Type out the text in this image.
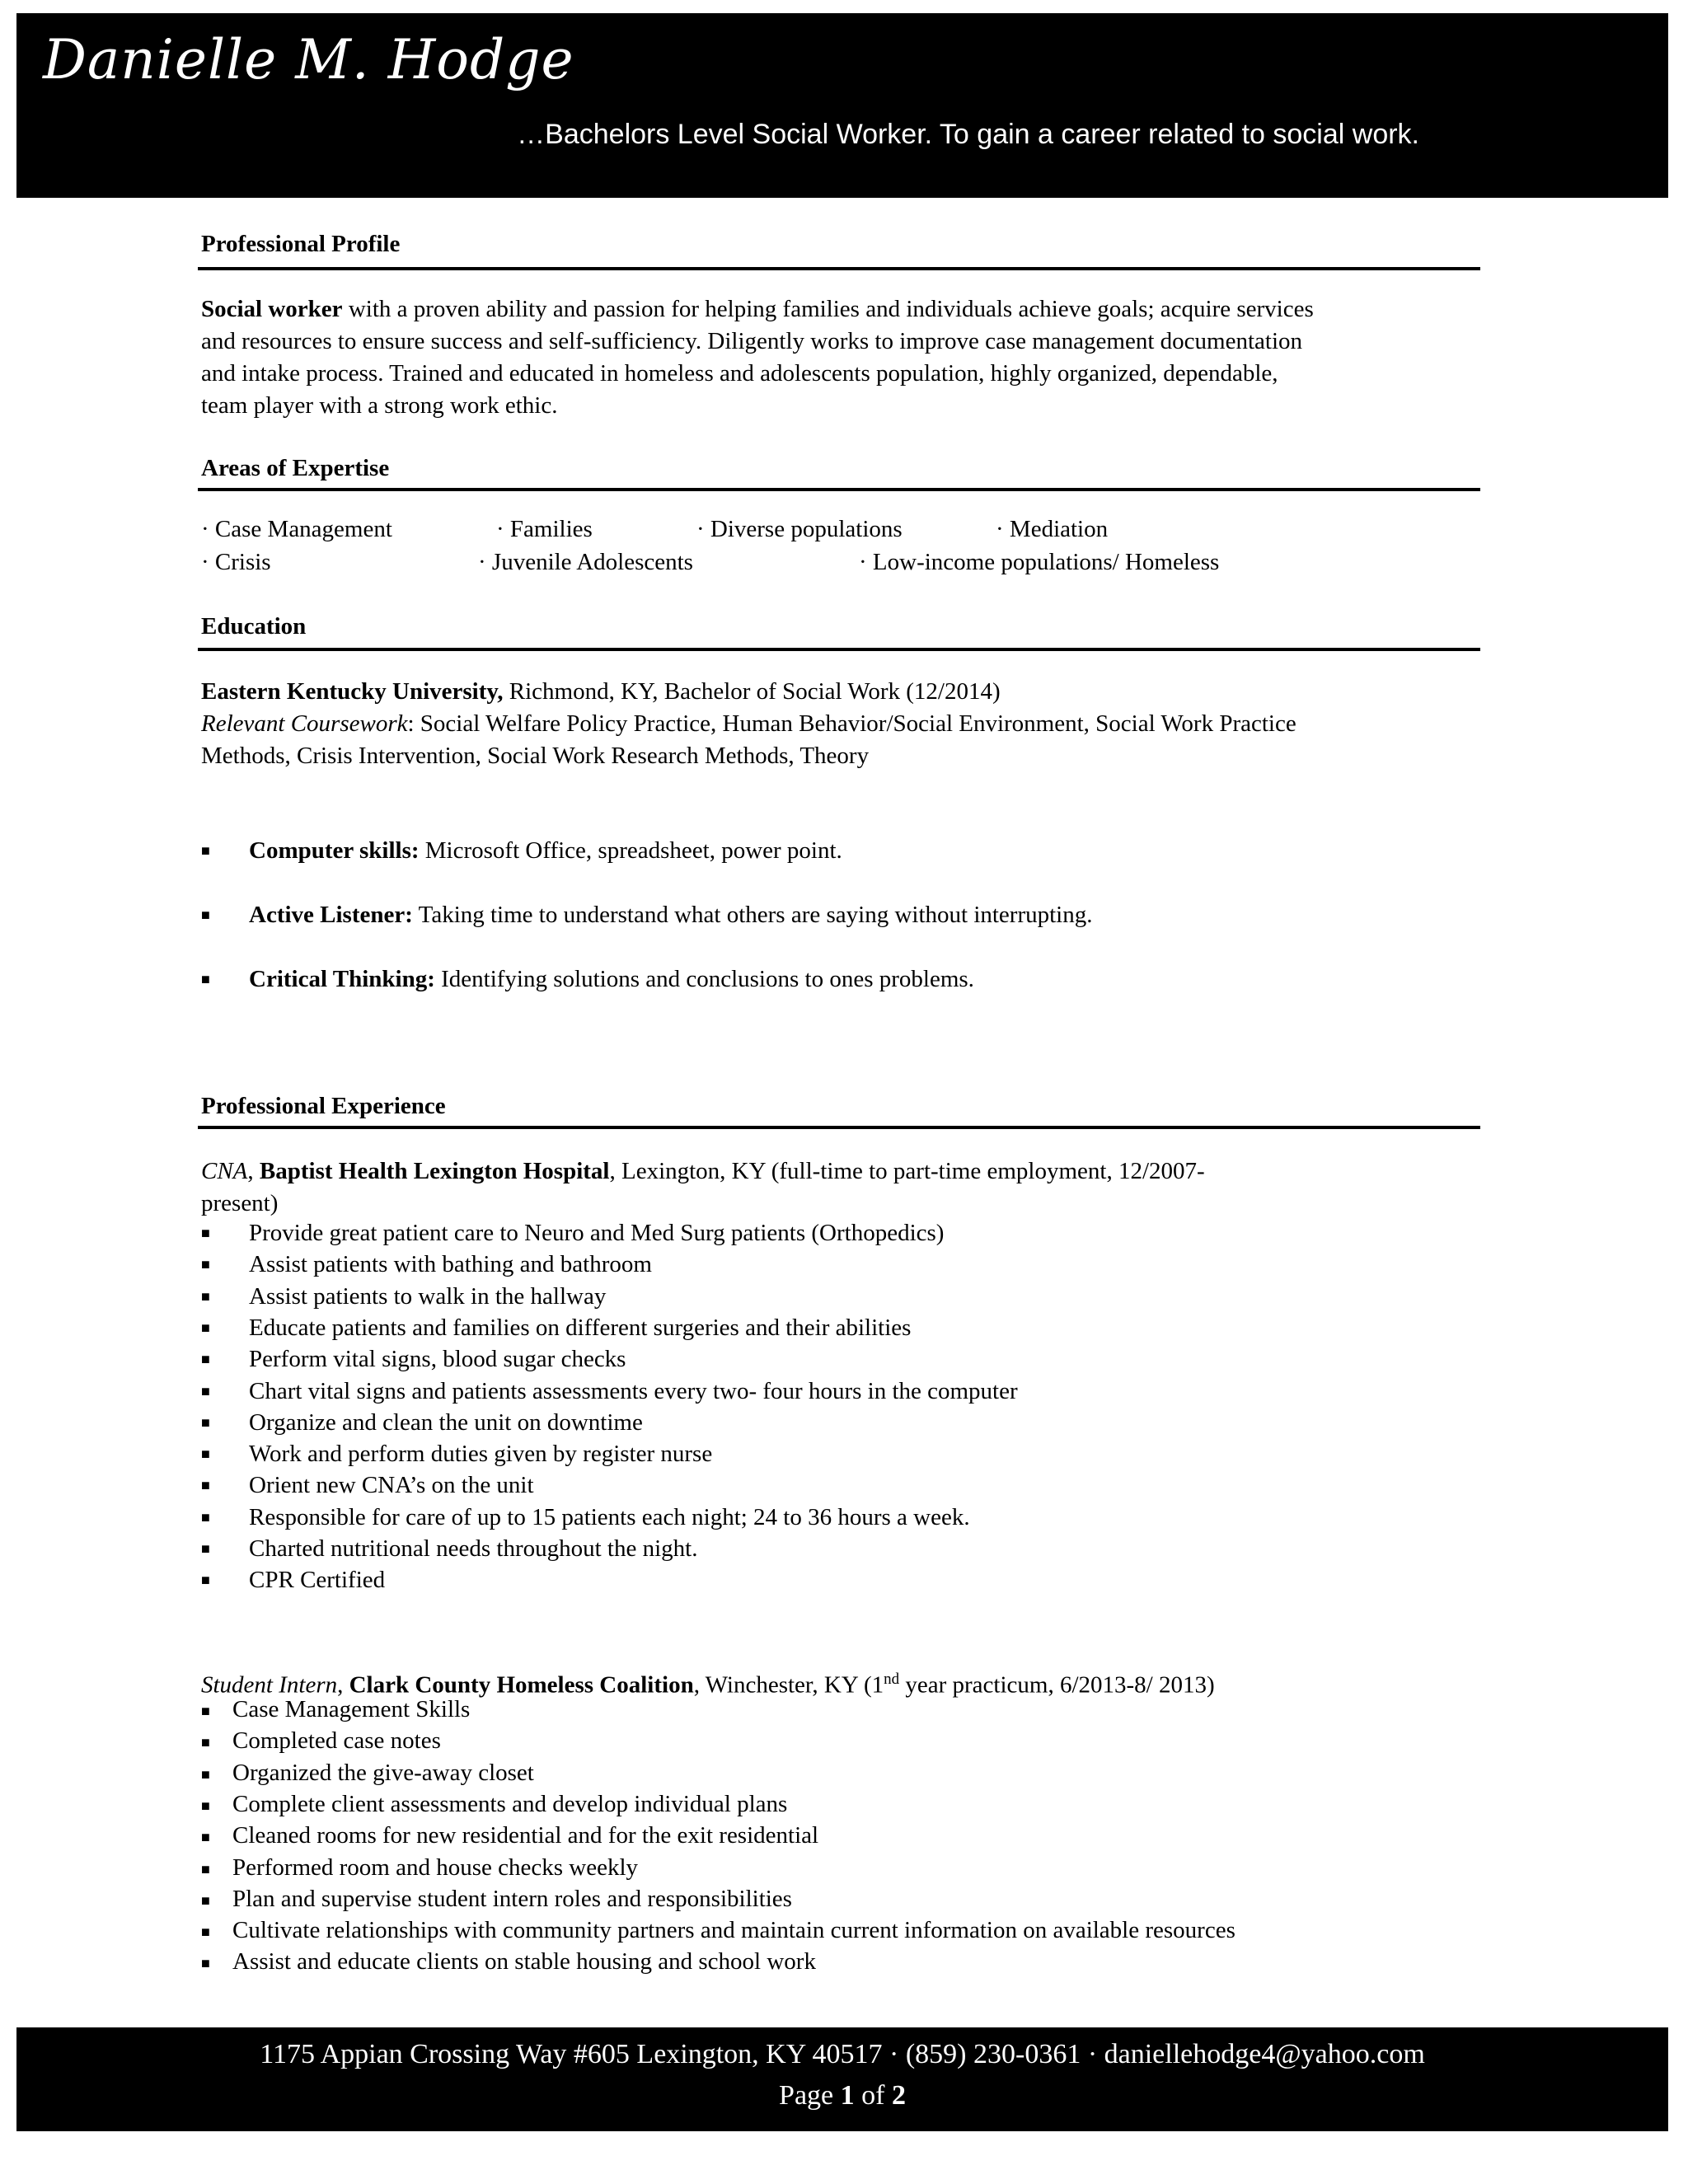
Danielle M. Hodge
…Bachelors Level Social Worker. To gain a career related to social work.
Professional Profile
Social worker with a proven ability and passion for helping families and individuals achieve goals; acquire services
and resources to ensure success and self-sufficiency. Diligently works to improve case management documentation
and intake process. Trained and educated in homeless and adolescents population, highly organized, dependable,
team player with a strong work ethic.
Areas of Expertise
· Case Management	· Families	· Diverse populations	· Mediation
· Crisis	· Juvenile Adolescents	· Low-income populations/ Homeless
Education
Eastern Kentucky University, Richmond, KY, Bachelor of Social Work (12/2014)
Relevant Coursework: Social Welfare Policy Practice, Human Behavior/Social Environment, Social Work Practice
Methods, Crisis Intervention, Social Work Research Methods, Theory
■ Computer skills: Microsoft Office, spreadsheet, power point.
■ Active Listener: Taking time to understand what others are saying without interrupting.
■ Critical Thinking: Identifying solutions and conclusions to ones problems.
Professional Experience
CNA, Baptist Health Lexington Hospital, Lexington, KY (full-time to part-time employment, 12/2007-
present)
■ Provide great patient care to Neuro and Med Surg patients (Orthopedics)
■ Assist patients with bathing and bathroom
■ Assist patients to walk in the hallway
■ Educate patients and families on different surgeries and their abilities
■ Perform vital signs, blood sugar checks
■ Chart vital signs and patients assessments every two- four hours in the computer
■ Organize and clean the unit on downtime
■ Work and perform duties given by register nurse
■ Orient new CNA’s on the unit
■ Responsible for care of up to 15 patients each night; 24 to 36 hours a week.
■ Charted nutritional needs throughout the night.
■ CPR Certified
Student Intern, Clark County Homeless Coalition, Winchester, KY (1nd year practicum, 6/2013-8/ 2013)
■ Case Management Skills
■ Completed case notes
■ Organized the give-away closet
■ Complete client assessments and develop individual plans
■ Cleaned rooms for new residential and for the exit residential
■ Performed room and house checks weekly
■ Plan and supervise student intern roles and responsibilities
■ Cultivate relationships with community partners and maintain current information on available resources
■ Assist and educate clients on stable housing and school work
1175 Appian Crossing Way #605 Lexington, KY 40517 · (859) 230-0361 · daniellehodge4@yahoo.com
Page 1 of 2
